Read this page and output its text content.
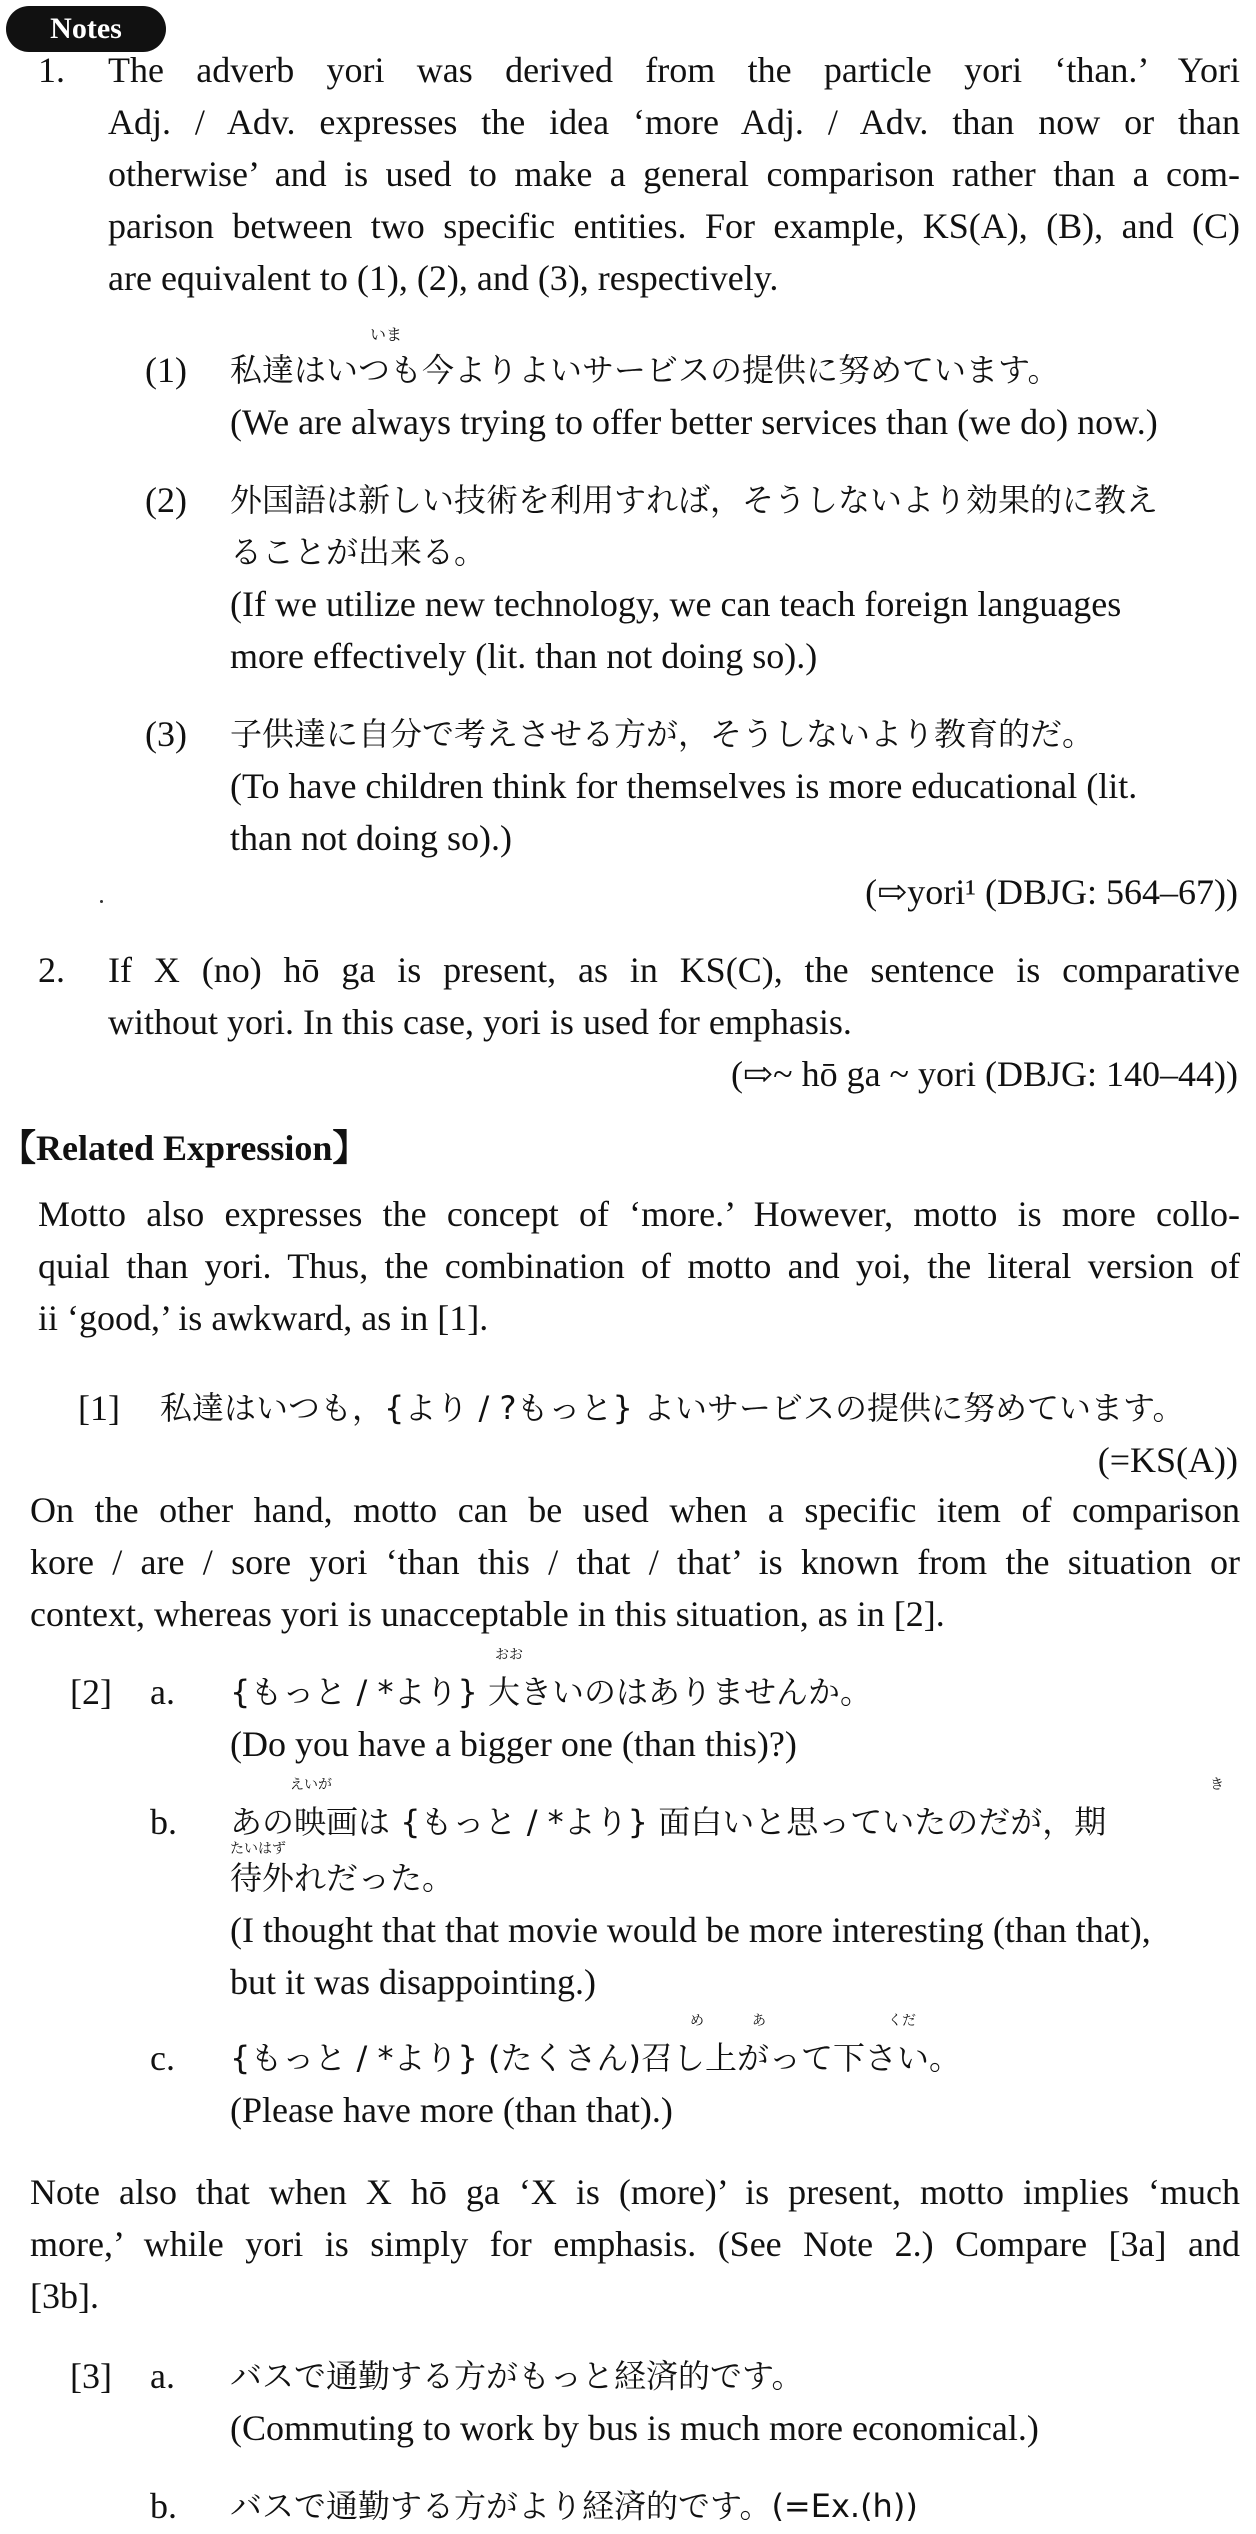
Notes
1. The adverb yori was derived from the particle yori ‘than.’ Yori
Adj. / Adv. expresses the idea ‘more Adj. / Adv. than now or than
otherwise’ and is used to make a general comparison rather than a com-
parison between two specific entities. For example, KS(A), (B), and (C)
are equivalent to (1), (2), and (3), respectively.
(1)
いま
私達はいつも今よりよいサービスの提供に努めています。
(We are always trying to offer better services than (we do) now.)
(2) 外国語は新しい技術を利用すれば，そうしないより効果的に教え
ることが出来る。
(If we utilize new technology, we can teach foreign languages
more effectively (lit. than not doing so).)
(3) 子供達に自分で考えさせる方が，そうしないより教育的だ。
(To have children think for themselves is more educational (lit.
than not doing so).)
(⇨yori¹ (DBJG: 564–67))
2. If X (no) hō ga is present, as in KS(C), the sentence is comparative
without yori. In this case, yori is used for emphasis.
(⇨~ hō ga ~ yori (DBJG: 140–44))
【Related Expression】
Motto also expresses the concept of ‘more.’ However, motto is more collo-
quial than yori. Thus, the combination of motto and yoi, the literal version of
ii ‘good,’ is awkward, as in [1].
[1] 私達はいつも，{より / ?もっと} よいサービスの提供に努めています。
(=KS(A))
On the other hand, motto can be used when a specific item of comparison
kore / are / sore yori ‘than this / that / that’ is known from the situation or
context, whereas yori is unacceptable in this situation, as in [2].
[2] a.
おお
{もっと / *より} 大きいのはありませんか。
(Do you have a bigger one (than this)?)
b.
えいが	き
あの映画は {もっと / *より} 面白いと思っていたのだが，期
たいはず
待外れだった。
(I thought that that movie would be more interesting (than that),
but it was disappointing.)
c.
め	あ	くだ
{もっと / *より} (たくさん)召し上がって下さい。
(Please have more (than that).)
Note also that when X hō ga ‘X is (more)’ is present, motto implies ‘much
more,’ while yori is simply for emphasis. (See Note 2.) Compare [3a] and
[3b].
[3] a. バスで通勤する方がもっと経済的です。
(Commuting to work by bus is much more economical.)
b. バスで通勤する方がより経済的です。(=Ex.(h))
